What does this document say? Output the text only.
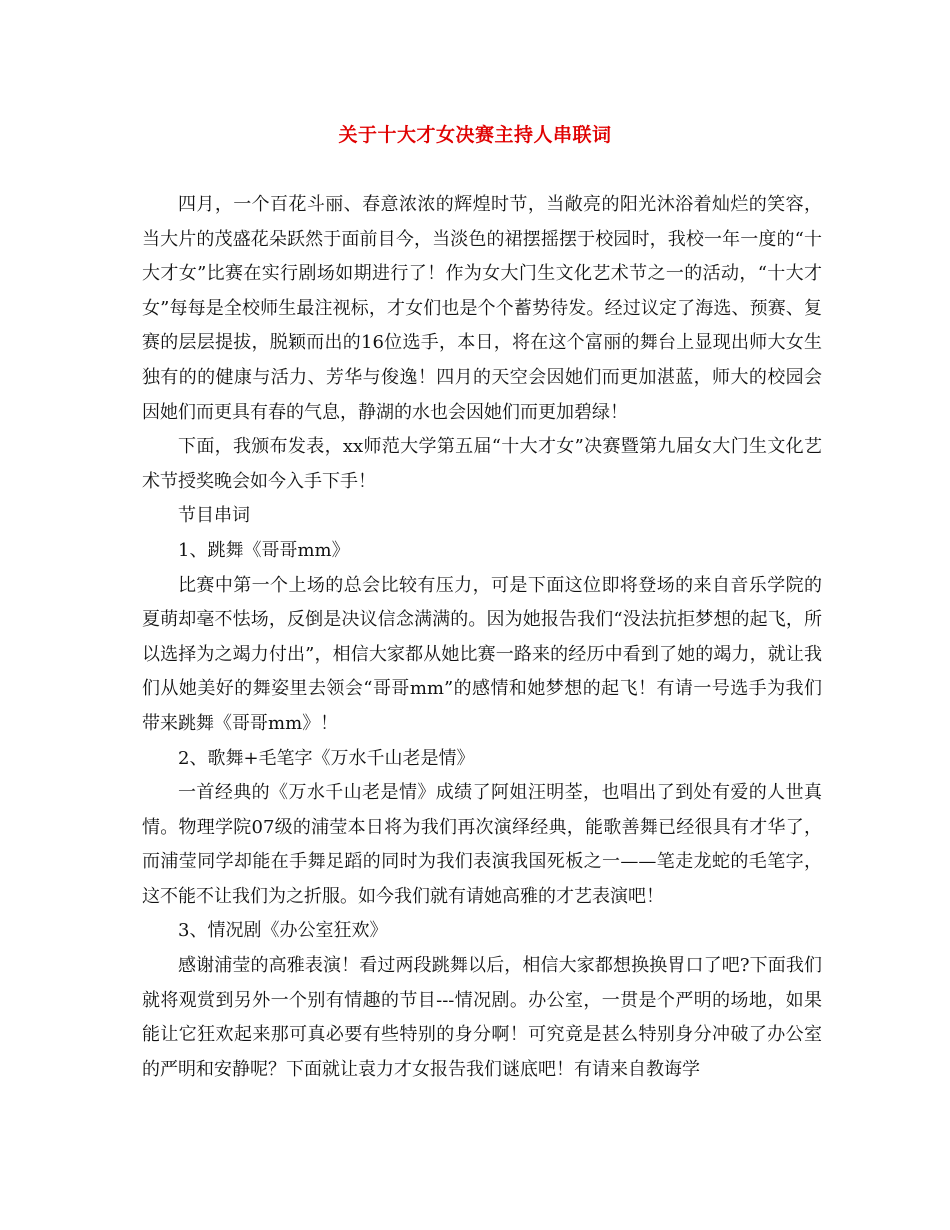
关于十大才女决赛主持人串联词

四月，一个百花斗丽、春意浓浓的辉煌时节，当敞亮的阳光沐浴着灿烂的笑容，当大片的茂盛花朵跃然于面前目今，当淡色的裙摆摇摆于校园时，我校一年一度的“十大才女”比赛在实行剧场如期进行了！作为女大门生文化艺术节之一的活动，“十大才女”每每是全校师生最注视标，才女们也是个个蓄势待发。经过议定了海选、预赛、复赛的层层提拔，脱颖而出的16位选手，本日，将在这个富丽的舞台上显现出师大女生独有的的健康与活力、芳华与俊逸！四月的天空会因她们而更加湛蓝，师大的校园会因她们而更具有春的气息，静湖的水也会因她们而更加碧绿！

下面，我颁布发表，xx师范大学第五届“十大才女”决赛暨第九届女大门生文化艺术节授奖晚会如今入手下手！

节目串词

1、跳舞《哥哥mm》

比赛中第一个上场的总会比较有压力，可是下面这位即将登场的来自音乐学院的夏萌却毫不怯场，反倒是决议信念满满的。因为她报告我们“没法抗拒梦想的起飞，所以选择为之竭力付出”，相信大家都从她比赛一路来的经历中看到了她的竭力，就让我们从她美好的舞姿里去领会“哥哥mm”的感情和她梦想的起飞！有请一号选手为我们带来跳舞《哥哥mm》！

2、歌舞+毛笔字《万水千山老是情》

一首经典的《万水千山老是情》成绩了阿姐汪明荃，也唱出了到处有爱的人世真情。物理学院07级的浦莹本日将为我们再次演绎经典，能歌善舞已经很具有才华了，而浦莹同学却能在手舞足蹈的同时为我们表演我国死板之一——笔走龙蛇的毛笔字，这不能不让我们为之折服。如今我们就有请她高雅的才艺表演吧！

3、情况剧《办公室狂欢》

感谢浦莹的高雅表演！看过两段跳舞以后，相信大家都想换换胃口了吧?下面我们就将观赏到另外一个别有情趣的节目---情况剧。办公室，一贯是个严明的场地，如果能让它狂欢起来那可真必要有些特别的身分啊！可究竟是甚么特别身分冲破了办公室的严明和安静呢？下面就让袁力才女报告我们谜底吧！有请来自教诲学
